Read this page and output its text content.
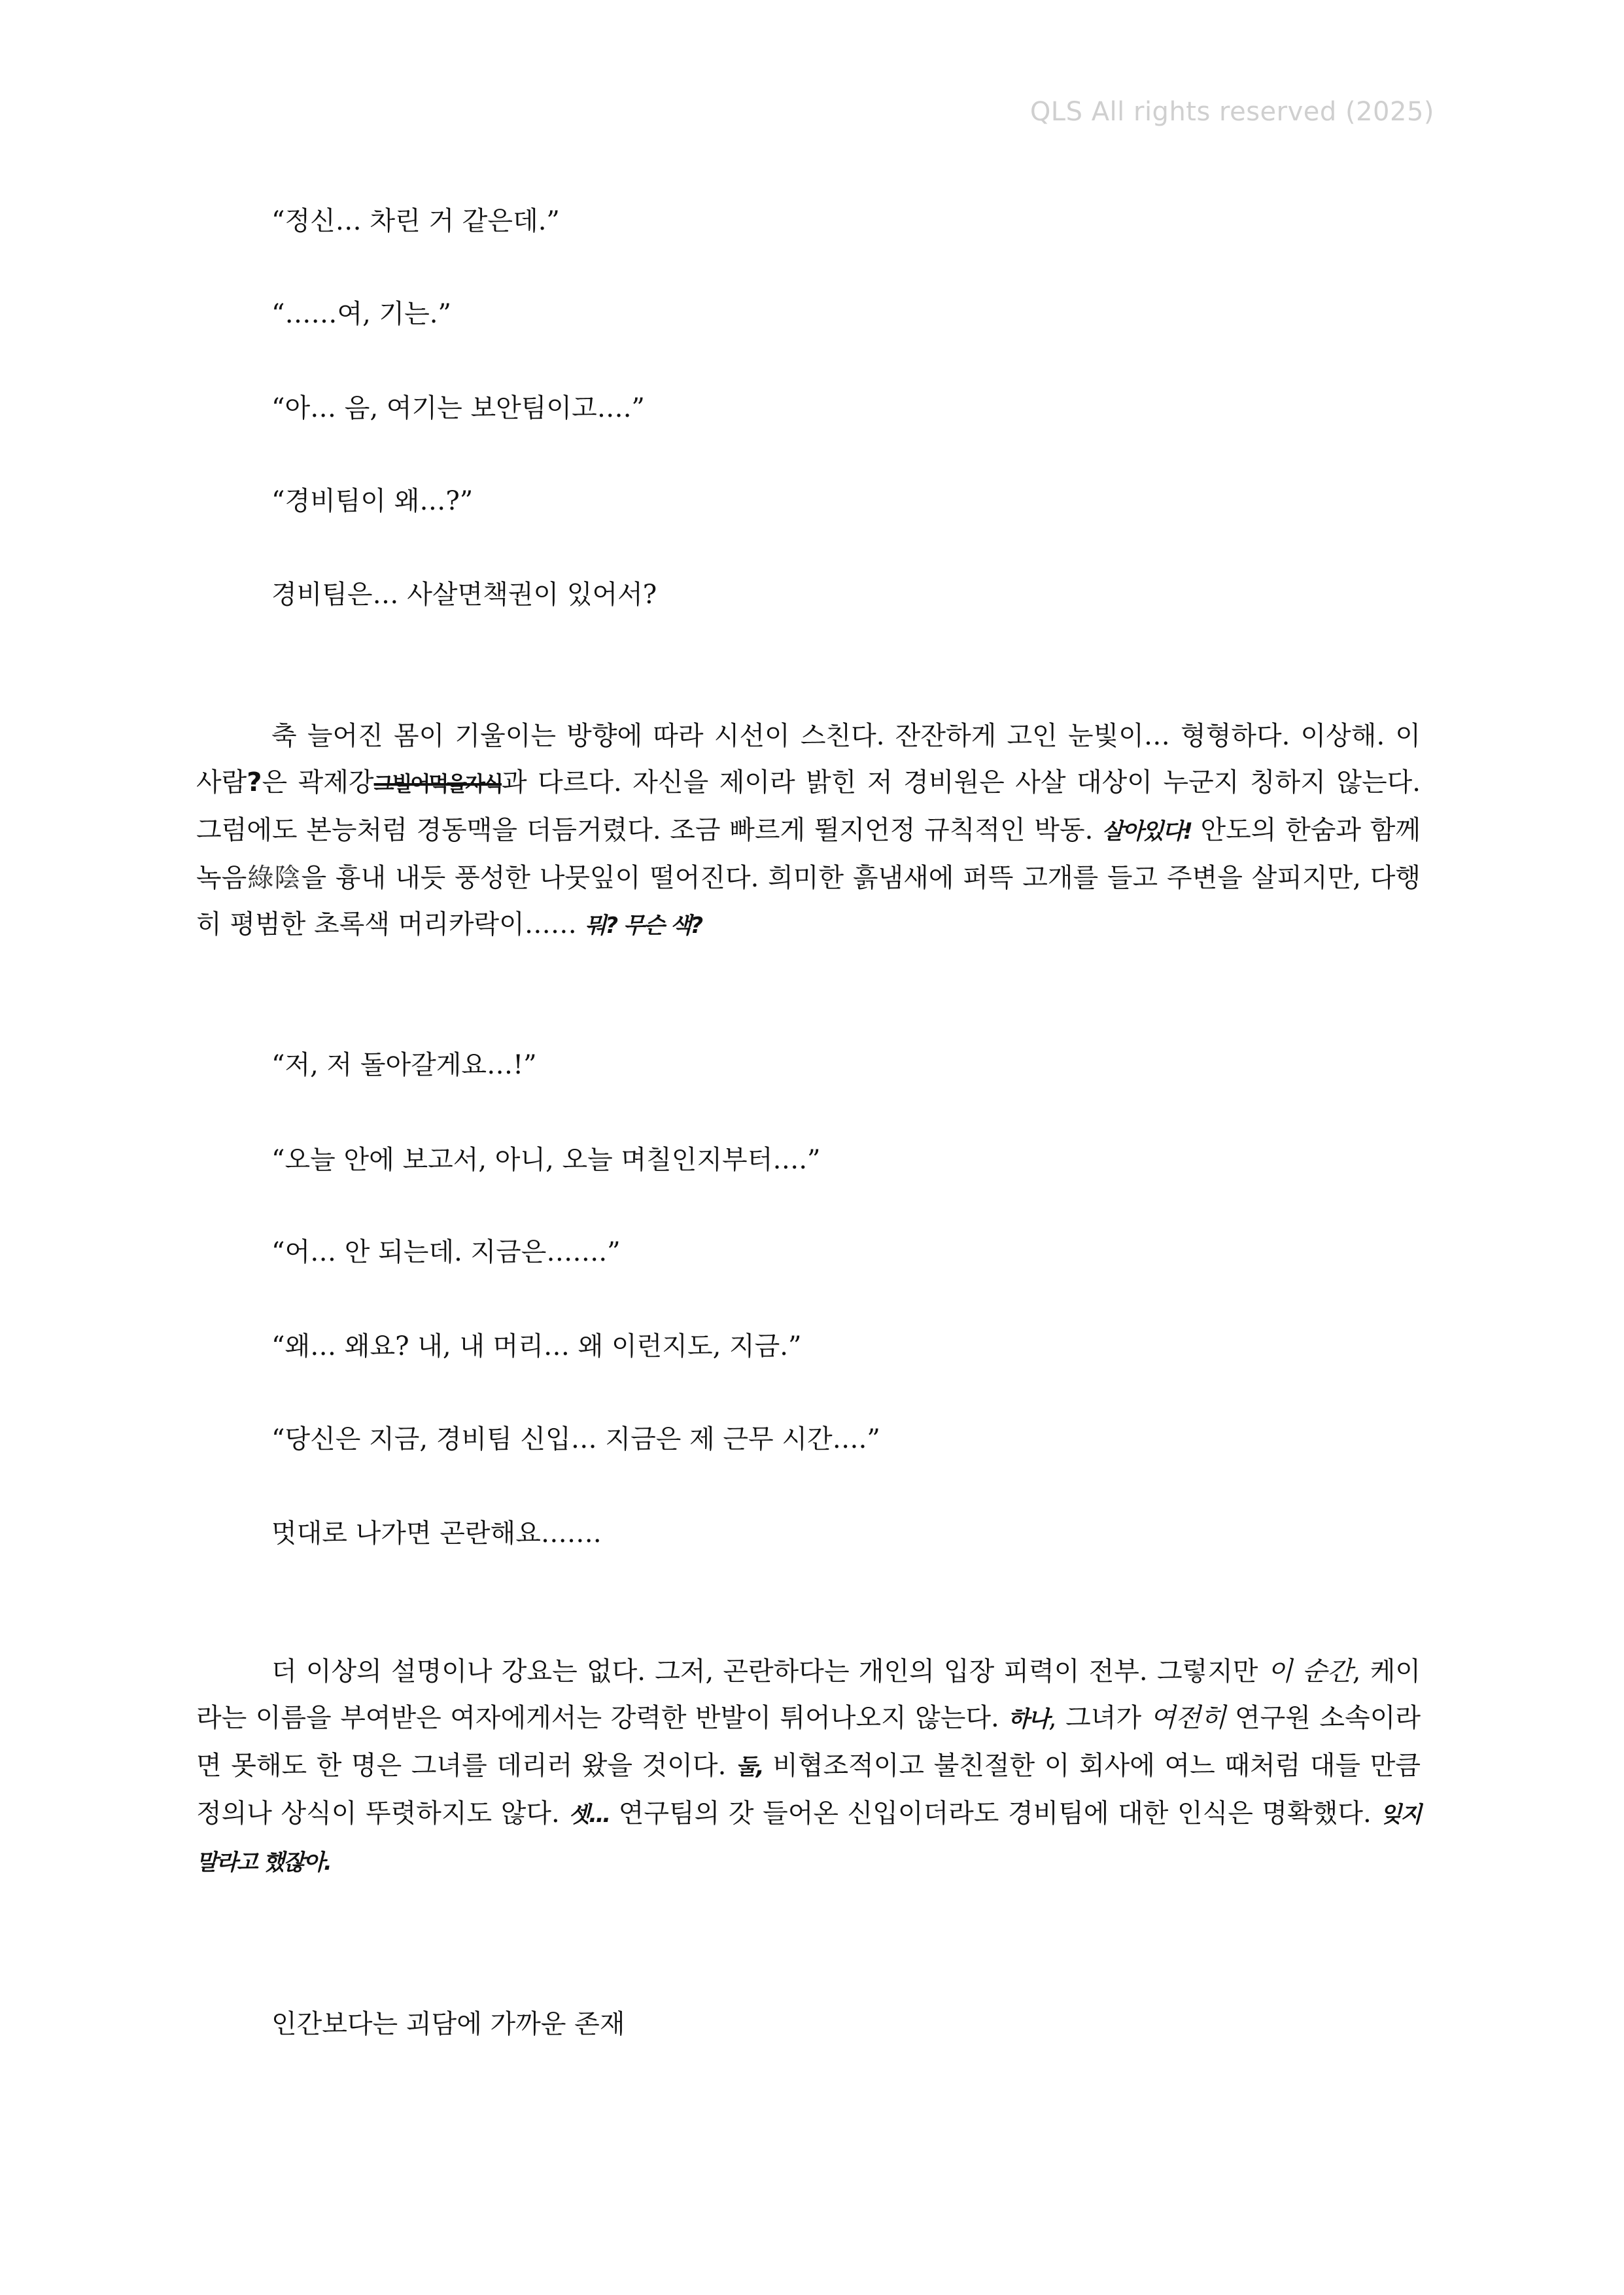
QLS All rights reserved (2025)
“정신… 차린 거 같은데.”
“……여, 기는.”
“아… 음, 여기는 보안팀이고….”
“경비팀이 왜…?”
경비팀은… 사살면책권이 있어서?
축 늘어진 몸이 기울이는 방향에 따라 시선이 스친다. 잔잔하게 고인 눈빛이… 형형하다. 이상해. 이 사람?은 곽제강그빌어먹을자식과 다르다. 자신을 제이라 밝힌 저 경비원은 사살 대상이 누군지 칭하지 않는다. 그럼에도 본능처럼 경동맥을 더듬거렸다. 조금 빠르게 뛸지언정 규칙적인 박동. 살아있다! 안도의 한숨과 함께 녹음綠陰을 흉내 내듯 풍성한 나뭇잎이 떨어진다. 희미한 흙냄새에 퍼뜩 고개를 들고 주변을 살피지만, 다행히 평범한 초록색 머리카락이…… 뭐? 무슨 색?
“저, 저 돌아갈게요…!”
“오늘 안에 보고서, 아니, 오늘 며칠인지부터….”
“어… 안 되는데. 지금은…….”
“왜… 왜요? 내, 내 머리… 왜 이런지도, 지금.”
“당신은 지금, 경비팀 신입… 지금은 제 근무 시간….”
멋대로 나가면 곤란해요…….
더 이상의 설명이나 강요는 없다. 그저, 곤란하다는 개인의 입장 피력이 전부. 그렇지만 이 순간, 케이라는 이름을 부여받은 여자에게서는 강력한 반발이 튀어나오지 않는다. 하나, 그녀가 여전히 연구원 소속이라면 못해도 한 명은 그녀를 데리러 왔을 것이다. 둘, 비협조적이고 불친절한 이 회사에 여느 때처럼 대들 만큼 정의나 상식이 뚜렷하지도 않다. 셋… 연구팀의 갓 들어온 신입이더라도 경비팀에 대한 인식은 명확했다. 잊지 말라고 했잖아.
인간보다는 괴담에 가까운 존재
